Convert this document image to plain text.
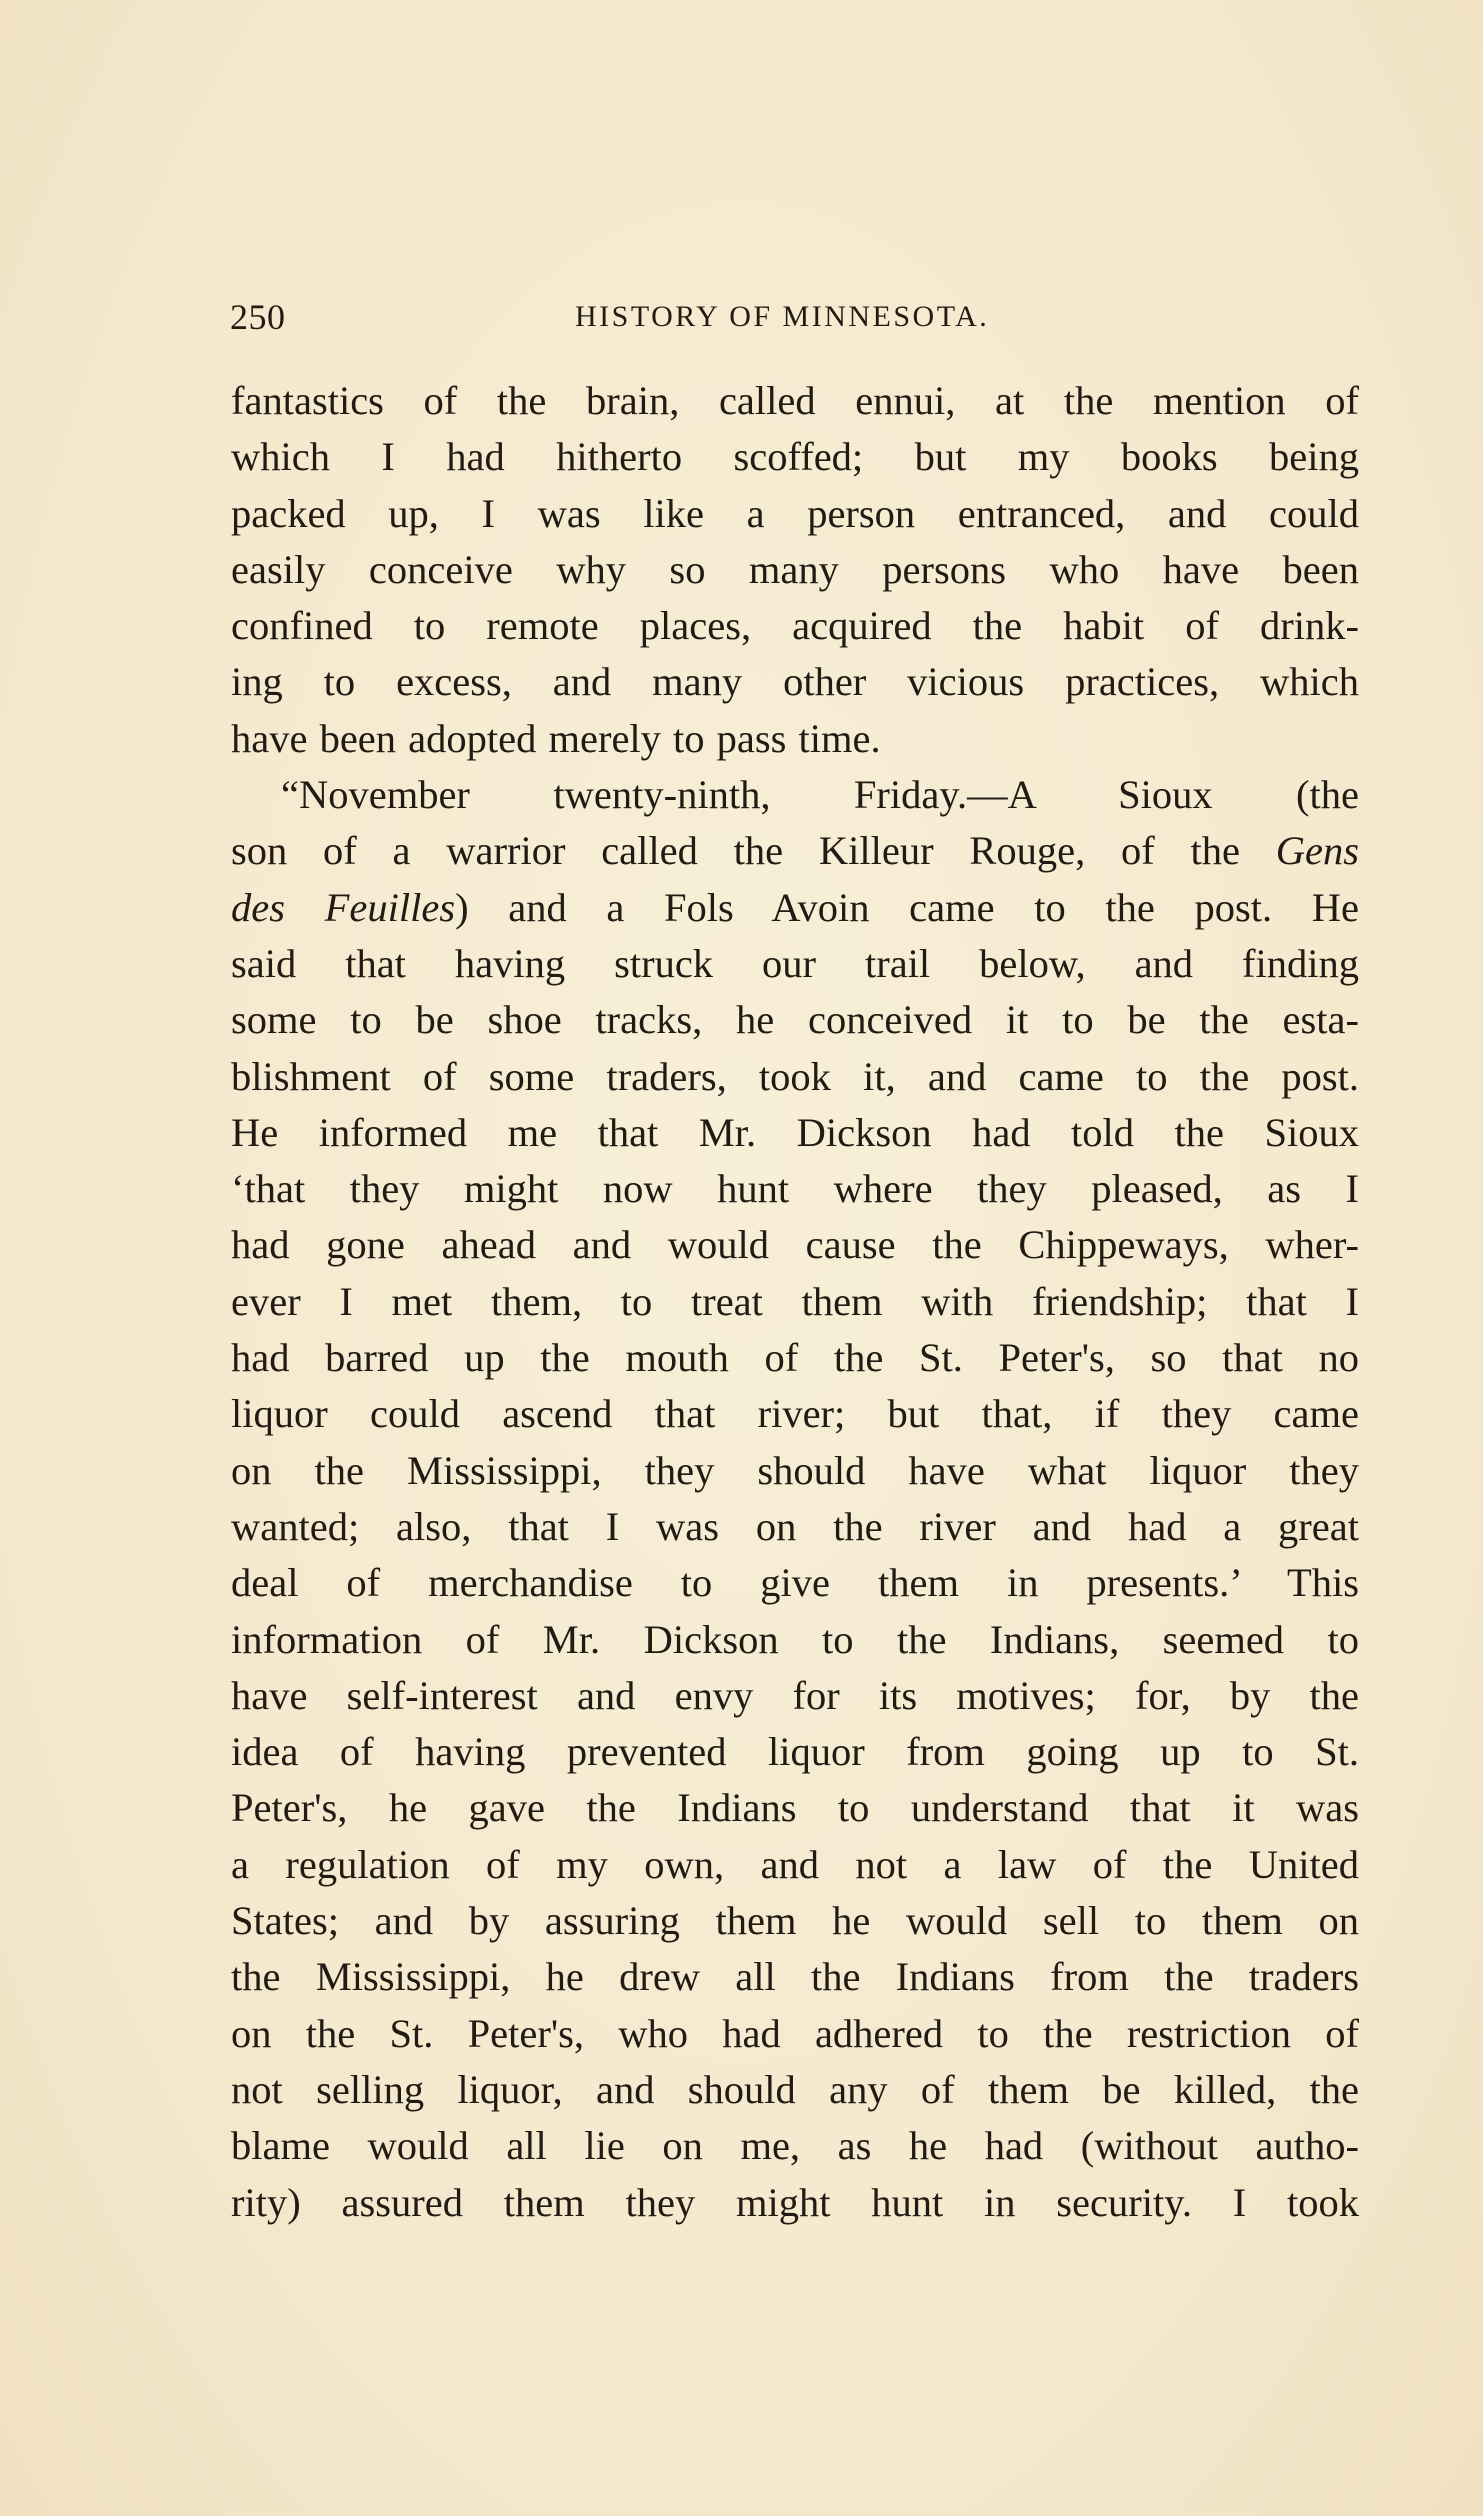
250	HISTORY OF MINNESOTA.
fantastics of the brain, called ennui, at the mention of
which I had hitherto scoffed; but my books being
packed up, I was like a person entranced, and could
easily conceive why so many persons who have been
confined to remote places, acquired the habit of drink-
ing to excess, and many other vicious practices, which
have been adopted merely to pass time.
“November twenty-ninth, Friday.—A Sioux (the
son of a warrior called the Killeur Rouge, of the Gens
des Feuilles) and a Fols Avoin came to the post. He
said that having struck our trail below, and finding
some to be shoe tracks, he conceived it to be the esta-
blishment of some traders, took it, and came to the post.
He informed me that Mr. Dickson had told the Sioux
‘that they might now hunt where they pleased, as I
had gone ahead and would cause the Chippeways, wher-
ever I met them, to treat them with friendship; that I
had barred up the mouth of the St. Peter's, so that no
liquor could ascend that river; but that, if they came
on the Mississippi, they should have what liquor they
wanted; also, that I was on the river and had a great
deal of merchandise to give them in presents.’ This
information of Mr. Dickson to the Indians, seemed to
have self-interest and envy for its motives; for, by the
idea of having prevented liquor from going up to St.
Peter's, he gave the Indians to understand that it was
a regulation of my own, and not a law of the United
States; and by assuring them he would sell to them on
the Mississippi, he drew all the Indians from the traders
on the St. Peter's, who had adhered to the restriction of
not selling liquor, and should any of them be killed, the
blame would all lie on me, as he had (without autho-
rity) assured them they might hunt in security. I took
